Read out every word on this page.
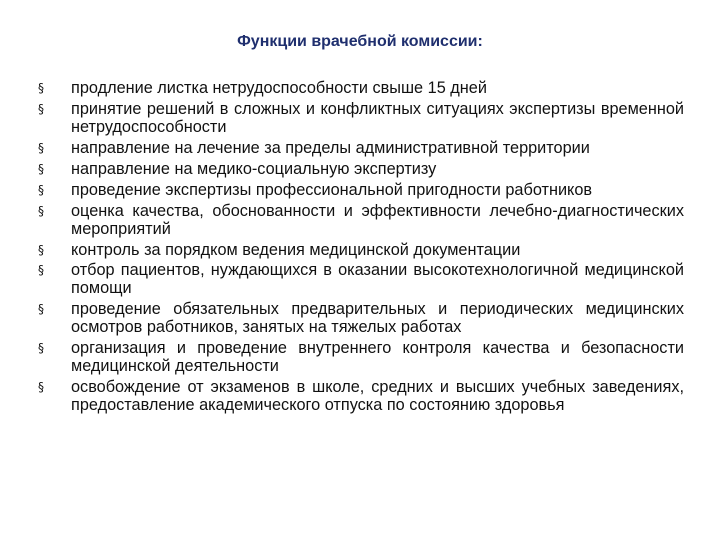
Функции врачебной комиссии:
§	продление листка нетрудоспособности свыше 15 дней
§	принятие решений в сложных и конфликтных ситуациях экспертизы временной нетрудоспособности
§	направление на лечение за пределы административной территории
§	направление на медико-социальную экспертизу
§	проведение экспертизы профессиональной пригодности работников
§	оценка качества, обоснованности и эффективности лечебно-диагностических мероприятий
§	контроль за порядком ведения медицинской документации
§	отбор пациентов, нуждающихся в оказании высокотехнологичной медицинской помощи
§	проведение обязательных предварительных и периодических медицинских осмотров работников, занятых на тяжелых работах
§	организация и проведение внутреннего контроля качества и безопасности медицинской деятельности
§	освобождение от экзаменов в школе, средних и высших учебных заведениях, предоставление академического отпуска по состоянию здоровья
